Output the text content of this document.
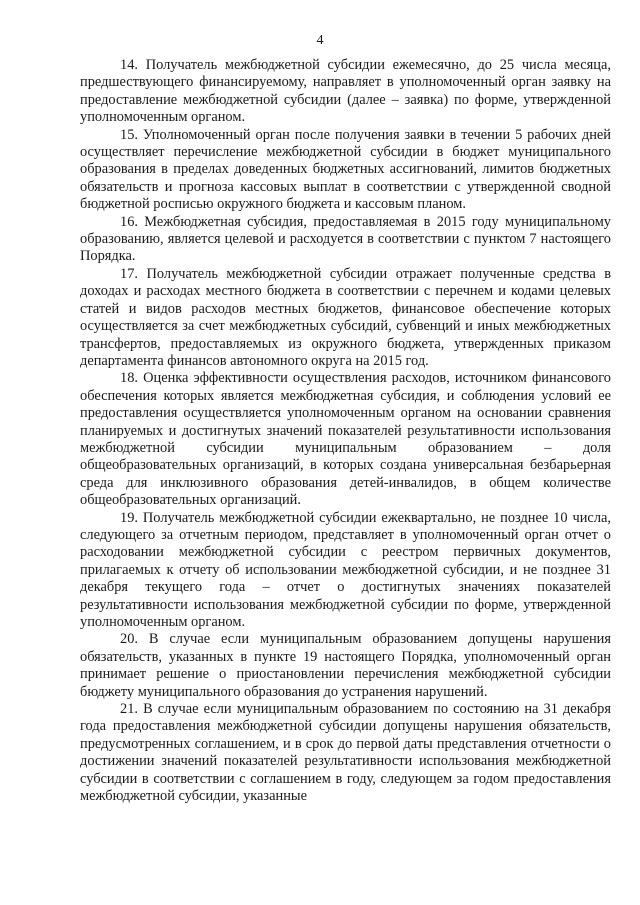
4

14. Получатель межбюджетной субсидии ежемесячно, до 25 числа месяца, предшествующего финансируемому, направляет в уполномоченный орган заявку на предоставление межбюджетной субсидии (далее – заявка) по форме, утвержденной уполномоченным органом.

15. Уполномоченный орган после получения заявки в течении 5 рабочих дней осуществляет перечисление межбюджетной субсидии в бюджет муниципального образования в пределах доведенных бюджетных ассигнований, лимитов бюджетных обязательств и прогноза кассовых выплат в соответствии с утвержденной сводной бюджетной росписью окружного бюджета и кассовым планом.

16. Межбюджетная субсидия, предоставляемая в 2015 году муниципальному образованию, является целевой и расходуется в соответствии с пунктом 7 настоящего Порядка.

17. Получатель межбюджетной субсидии отражает полученные средства в доходах и расходах местного бюджета в соответствии с перечнем и кодами целевых статей и видов расходов местных бюджетов, финансовое обеспечение которых осуществляется за счет межбюджетных субсидий, субвенций и иных межбюджетных трансфертов, предоставляемых из окружного бюджета, утвержденных приказом департамента финансов автономного округа на 2015 год.

18. Оценка эффективности осуществления расходов, источником финансового обеспечения которых является межбюджетная субсидия, и соблюдения условий ее предоставления осуществляется уполномоченным органом на основании сравнения планируемых и достигнутых значений показателей результативности использования межбюджетной субсидии муниципальным образованием – доля общеобразовательных организаций, в которых создана универсальная безбарьерная среда для инклюзивного образования детей-инвалидов, в общем количестве общеобразовательных организаций.

19. Получатель межбюджетной субсидии ежеквартально, не позднее 10 числа, следующего за отчетным периодом, представляет в уполномоченный орган отчет о расходовании межбюджетной субсидии с реестром первичных документов, прилагаемых к отчету об использовании межбюджетной субсидии, и не позднее 31 декабря текущего года – отчет о достигнутых значениях показателей результативности использования межбюджетной субсидии по форме, утвержденной уполномоченным органом.

20. В случае если муниципальным образованием допущены нарушения обязательств, указанных в пункте 19 настоящего Порядка, уполномоченный орган принимает решение о приостановлении перечисления межбюджетной субсидии бюджету муниципального образования до устранения нарушений.

21. В случае если муниципальным образованием по состоянию на 31 декабря года предоставления межбюджетной субсидии допущены нарушения обязательств, предусмотренных соглашением, и в срок до первой даты представления отчетности о достижении значений показателей результативности использования межбюджетной субсидии в соответствии с соглашением в году, следующем за годом предоставления межбюджетной субсидии, указанные
